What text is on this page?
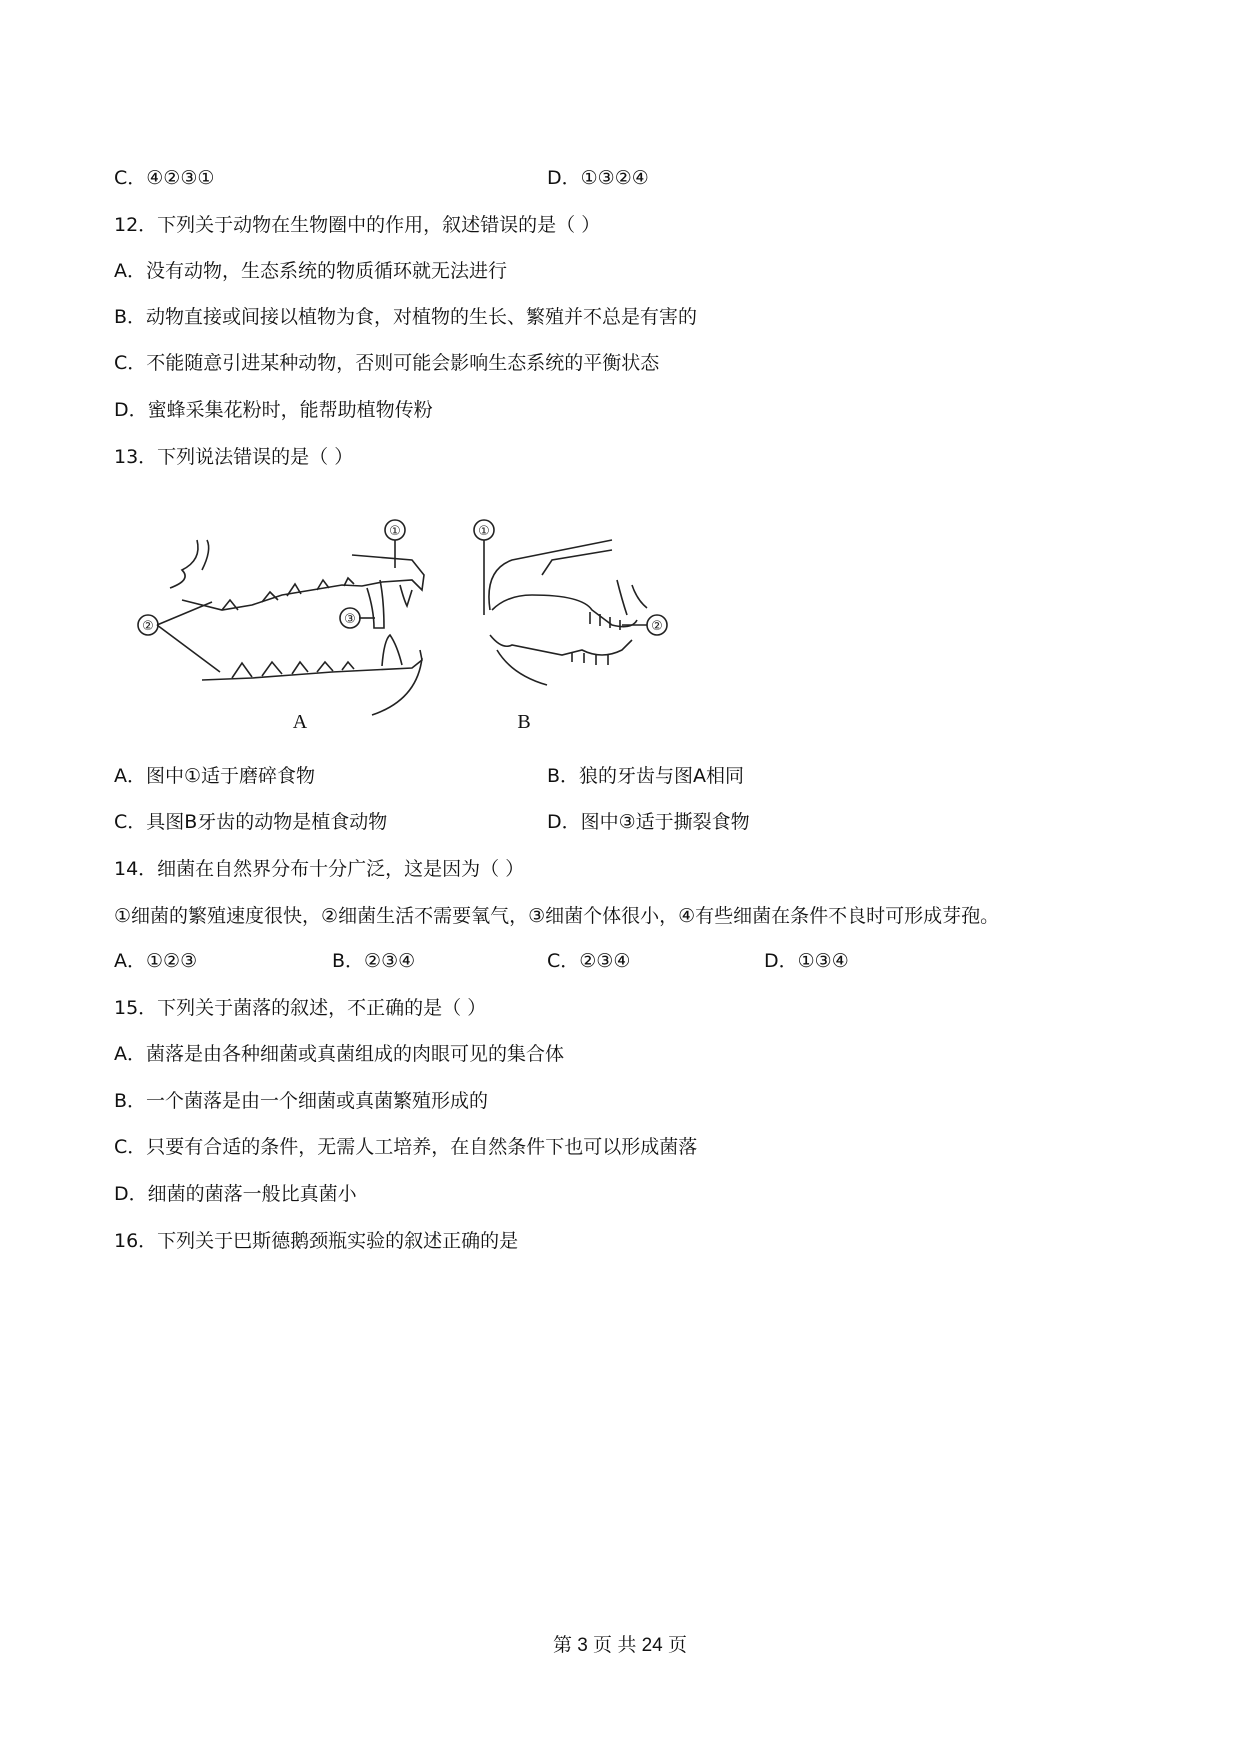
C．④②③①	D．①③②④
12．下列关于动物在生物圈中的作用，叙述错误的是（ ）
A．没有动物，生态系统的物质循环就无法进行
B．动物直接或间接以植物为食，对植物的生长、繁殖并不总是有害的
C．不能随意引进某种动物，否则可能会影响生态系统的平衡状态
D．蜜蜂采集花粉时，能帮助植物传粉
13．下列说法错误的是（ ）
①
③
②
①
②
A	B
A．图中①适于磨碎食物	B．狼的牙齿与图A相同
C．具图B牙齿的动物是植食动物	D．图中③适于撕裂食物
14．细菌在自然界分布十分广泛，这是因为（ ）
①细菌的繁殖速度很快，②细菌生活不需要氧气，③细菌个体很小，④有些细菌在条件不良时可形成芽孢。
A．①②③	B．②③④	C．②③④	D．①③④
15．下列关于菌落的叙述，不正确的是（ ）
A．菌落是由各种细菌或真菌组成的肉眼可见的集合体
B．一个菌落是由一个细菌或真菌繁殖形成的
C．只要有合适的条件，无需人工培养，在自然条件下也可以形成菌落
D．细菌的菌落一般比真菌小
16．下列关于巴斯德鹅颈瓶实验的叙述正确的是
第 3 页 共 24 页
